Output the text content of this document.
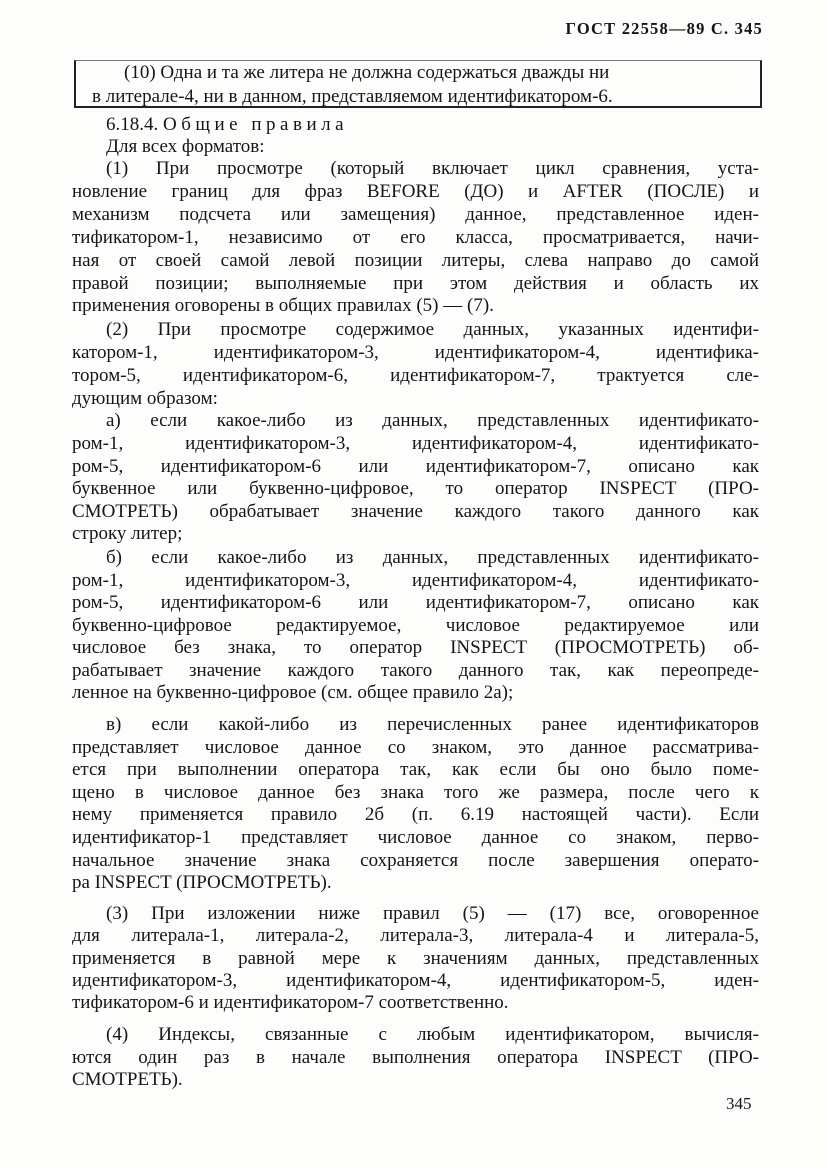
ГОСТ 22558—89 С. 345
(10) Одна и та же литера не должна содержаться дважды ни
в литерале-4, ни в данном, представляемом идентификатором-6.
6.18.4. Общие правила
Для всех форматов:
(1) При просмотре (который включает цикл сравнения, уста-
новление границ для фраз BEFORE (ДО) и AFTER (ПОСЛЕ) и
механизм подсчета или замещения) данное, представленное иден-
тификатором-1, независимо от его класса, просматривается, начи-
ная от своей самой левой позиции литеры, слева направо до самой
правой позиции; выполняемые при этом действия и область их
применения оговорены в общих правилах (5) — (7).
(2) При просмотре содержимое данных, указанных идентифи-
катором-1, идентификатором-3, идентификатором-4, идентифика-
тором-5, идентификатором-6, идентификатором-7, трактуется сле-
дующим образом:
а) если какое-либо из данных, представленных идентификато-
ром-1, идентификатором-3, идентификатором-4, идентификато-
ром-5, идентификатором-6 или идентификатором-7, описано как
буквенное или буквенно-цифровое, то оператор INSPECT (ПРО-
СМОТРЕТЬ) обрабатывает значение каждого такого данного как
строку литер;
б) если какое-либо из данных, представленных идентификато-
ром-1, идентификатором-3, идентификатором-4, идентификато-
ром-5, идентификатором-6 или идентификатором-7, описано как
буквенно-цифровое редактируемое, числовое редактируемое или
числовое без знака, то оператор INSPECT (ПРОСМОТРЕТЬ) об-
рабатывает значение каждого такого данного так, как переопреде-
ленное на буквенно-цифровое (см. общее правило 2а);
в) если какой-либо из перечисленных ранее идентификаторов
представляет числовое данное со знаком, это данное рассматрива-
ется при выполнении оператора так, как если бы оно было поме-
щено в числовое данное без знака того же размера, после чего к
нему применяется правило 2б (п. 6.19 настоящей части). Если
идентификатор-1 представляет числовое данное со знаком, перво-
начальное значение знака сохраняется после завершения операто-
ра INSPECT (ПРОСМОТРЕТЬ).
(3) При изложении ниже правил (5) — (17) все, оговоренное
для литерала-1, литерала-2, литерала-3, литерала-4 и литерала-5,
применяется в равной мере к значениям данных, представленных
идентификатором-3, идентификатором-4, идентификатором-5, иден-
тификатором-6 и идентификатором-7 соответственно.
(4) Индексы, связанные с любым идентификатором, вычисля-
ются один раз в начале выполнения оператора INSPECT (ПРО-
СМОТРЕТЬ).
345
